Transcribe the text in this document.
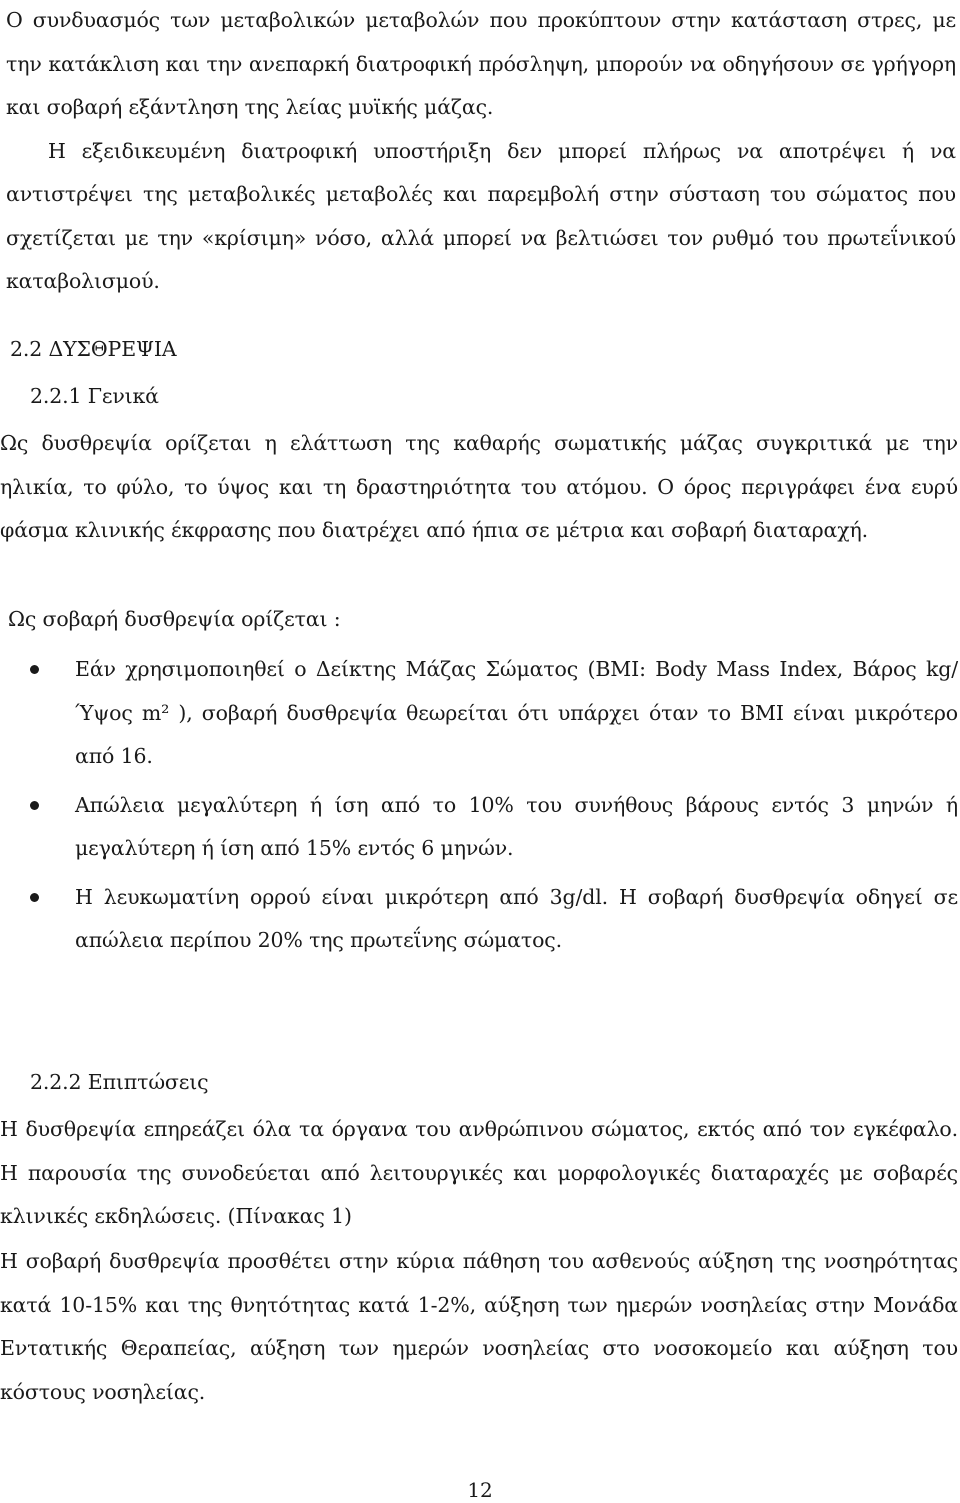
Ο συνδυασμός των μεταβολικών μεταβολών που προκύπτουν στην κατάσταση στρες, με την κατάκλιση και την ανεπαρκή διατροφική πρόσληψη, μπορούν να οδηγήσουν σε γρήγορη και σοβαρή εξάντληση της λείας μυϊκής μάζας.
Η εξειδικευμένη διατροφική υποστήριξη δεν μπορεί πλήρως να αποτρέψει ή να αντιστρέψει της μεταβολικές μεταβολές και παρεμβολή στην σύσταση του σώματος που σχετίζεται με την «κρίσιμη» νόσο, αλλά μπορεί να βελτιώσει τον ρυθμό του πρωτεΐνικού καταβολισμού.

2.2 ΔΥΣΘΡΕΨΙΑ
2.2.1 Γενικά

Ως δυσθρεψία ορίζεται η ελάττωση της καθαρής σωματικής μάζας συγκριτικά με την ηλικία, το φύλο, το ύψος και τη δραστηριότητα του ατόμου. Ο όρος περιγράφει ένα ευρύ φάσμα κλινικής έκφρασης που διατρέχει από ήπια σε μέτρια και σοβαρή διαταραχή.

Ως σοβαρή δυσθρεψία ορίζεται :

Εάν χρησιμοποιηθεί ο Δείκτης Μάζας Σώματος (ΒΜΙ: Body Mass Index, Βάρος kg/ Ύψος m² ), σοβαρή δυσθρεψία θεωρείται ότι υπάρχει όταν το ΒΜΙ είναι μικρότερο από 16.
Απώλεια μεγαλύτερη ή ίση από το 10% του συνήθους βάρους εντός 3 μηνών ή μεγαλύτερη ή ίση από 15% εντός 6 μηνών.
Η λευκωματίνη ορρού είναι μικρότερη από 3g/dl. Η σοβαρή δυσθρεψία οδηγεί σε απώλεια περίπου 20% της πρωτεΐνης σώματος.
2.2.2 Επιπτώσεις

Η δυσθρεψία επηρεάζει όλα τα όργανα του ανθρώπινου σώματος, εκτός από τον εγκέφαλο. Η παρουσία της συνοδεύεται από λειτουργικές και μορφολογικές διαταραχές με σοβαρές κλινικές εκδηλώσεις. (Πίνακας 1)

Η σοβαρή δυσθρεψία προσθέτει στην κύρια πάθηση του ασθενούς αύξηση της νοσηρότητας κατά 10-15% και της θνητότητας κατά 1-2%, αύξηση των ημερών νοσηλείας στην Μονάδα Εντατικής Θεραπείας, αύξηση των ημερών νοσηλείας στο νοσοκομείο και αύξηση του κόστους νοσηλείας.

12
